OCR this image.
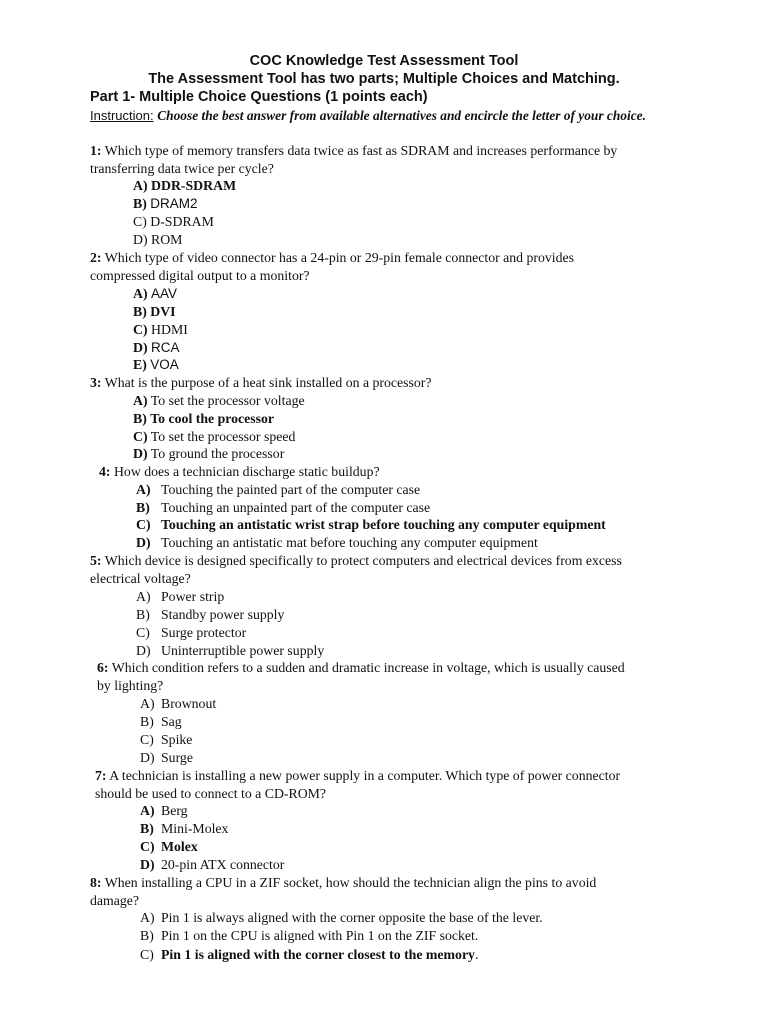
COC Knowledge Test Assessment Tool
The Assessment Tool has two parts; Multiple Choices and Matching.
Part 1- Multiple Choice Questions (1 points each)
Instruction: Choose the best answer from available alternatives and encircle the letter of your choice.
1: Which type of memory transfers data twice as fast as SDRAM and increases performance by
transferring data twice per cycle?
A) DDR-SDRAM
B) DRAM2
C) D-SDRAM
D) ROM
2: Which type of video connector has a 24-pin or 29-pin female connector and provides
compressed digital output to a monitor?
A) AAV
B) DVI
C) HDMI
D) RCA
E) VOA
3: What is the purpose of a heat sink installed on a processor?
A) To set the processor voltage
B) To cool the processor
C) To set the processor speed
D) To ground the processor
4: How does a technician discharge static buildup?
A) Touching the painted part of the computer case
B) Touching an unpainted part of the computer case
C) Touching an antistatic wrist strap before touching any computer equipment
D) Touching an antistatic mat before touching any computer equipment
5: Which device is designed specifically to protect computers and electrical devices from excess
electrical voltage?
A) Power strip
B) Standby power supply
C) Surge protector
D) Uninterruptible power supply
6: Which condition refers to a sudden and dramatic increase in voltage, which is usually caused
by lighting?
A) Brownout
B) Sag
C) Spike
D) Surge
7: A technician is installing a new power supply in a computer. Which type of power connector
should be used to connect to a CD-ROM?
A) Berg
B) Mini-Molex
C) Molex
D) 20-pin ATX connector
8: When installing a CPU in a ZIF socket, how should the technician align the pins to avoid
damage?
A) Pin 1 is always aligned with the corner opposite the base of the lever.
B) Pin 1 on the CPU is aligned with Pin 1 on the ZIF socket.
C) Pin 1 is aligned with the corner closest to the memory.
